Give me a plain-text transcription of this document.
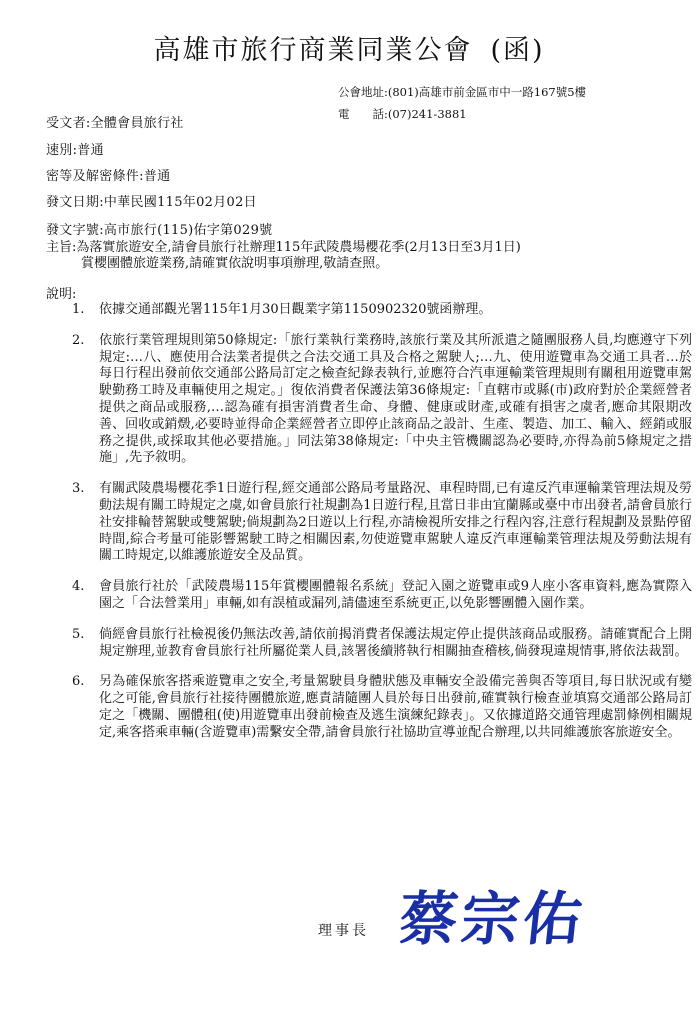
高雄市旅行商業同業公會 (函)
公會地址:(801)高雄市前金區市中一路167號5樓
電　　話:(07)241-3881
受文者:全體會員旅行社
速別:普通
密等及解密條件:普通
發文日期:中華民國115年02月02日
發文字號:高市旅行(115)佑字第029號
主旨:為落實旅遊安全,請會員旅行社辦理115年武陵農場櫻花季(2月13日至3月1日)
賞櫻團體旅遊業務,請確實依說明事項辦理,敬請查照。
說明:
1.	依據交通部觀光署115年1月30日觀業字第1150902320號函辦理。
2.	依旅行業管理規則第50條規定:「旅行業執行業務時,該旅行業及其所派遣之隨團服務人員,均應遵守下列規定:…八、應使用合法業者提供之合法交通工具及合格之駕駛人;…九、使用遊覽車為交通工具者…於每日行程出發前依交通部公路局訂定之檢查紀錄表執行,並應符合汽車運輸業管理規則有關租用遊覽車駕駛勤務工時及車輛使用之規定。」復依消費者保護法第36條規定:「直轄市或縣(市)政府對於企業經營者提供之商品或服務,…認為確有損害消費者生命、身體、健康或財產,或確有損害之虞者,應命其限期改善、回收或銷燬,必要時並得命企業經營者立即停止該商品之設計、生產、製造、加工、輸入、經銷或服務之提供,或採取其他必要措施。」同法第38條規定:「中央主管機關認為必要時,亦得為前5條規定之措施」,先予敘明。
3.	有關武陵農場櫻花季1日遊行程,經交通部公路局考量路況、車程時間,已有違反汽車運輸業管理法規及勞動法規有關工時規定之虞,如會員旅行社規劃為1日遊行程,且當日非由宜蘭縣或臺中市出發者,請會員旅行社安排輪替駕駛或雙駕駛;倘規劃為2日遊以上行程,亦請檢視所安排之行程內容,注意行程規劃及景點停留時間,綜合考量可能影響駕駛工時之相關因素,勿使遊覽車駕駛人違反汽車運輸業管理法規及勞動法規有關工時規定,以維護旅遊安全及品質。
4.	會員旅行社於「武陵農場115年賞櫻團體報名系統」登記入園之遊覽車或9人座小客車資料,應為實際入園之「合法營業用」車輛,如有誤植或漏列,請儘速至系統更正,以免影響團體入園作業。
5.	倘經會員旅行社檢視後仍無法改善,請依前揭消費者保護法規定停止提供該商品或服務。請確實配合上開規定辦理,並教育會員旅行社所屬從業人員,該署後續將執行相關抽查稽核,倘發現違規情事,將依法裁罰。
6.	另為確保旅客搭乘遊覽車之安全,考量駕駛員身體狀態及車輛安全設備完善與否等項目,每日狀況或有變化之可能,會員旅行社接待團體旅遊,應責請隨團人員於每日出發前,確實執行檢查並填寫交通部公路局訂定之「機關、團體租(使)用遊覽車出發前檢查及逃生演練紀錄表」。又依據道路交通管理處罰條例相關規定,乘客搭乘車輛(含遊覽車)需繫安全帶,請會員旅行社協助宣導並配合辦理,以共同維護旅客旅遊安全。
理事長 蔡宗佑
